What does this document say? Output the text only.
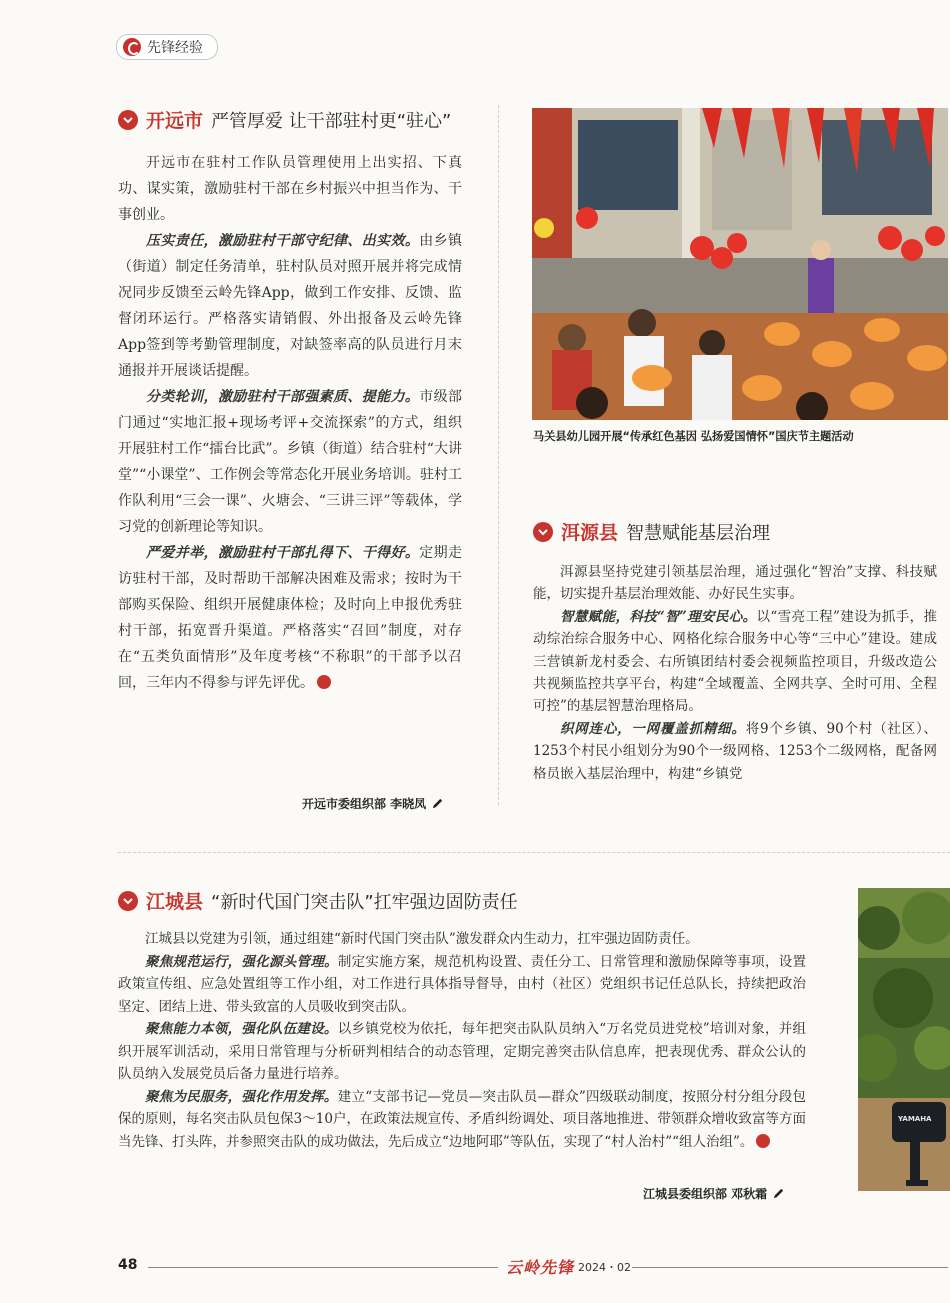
先锋经验
开远市 严管厚爱 让干部驻村更“驻心”

开远市在驻村工作队员管理使用上出实招、下真功、谋实策，激励驻村干部在乡村振兴中担当作为、干事创业。

压实责任，激励驻村干部守纪律、出实效。由乡镇（街道）制定任务清单，驻村队员对照开展并将完成情况同步反馈至云岭先锋App，做到工作安排、反馈、监督闭环运行。严格落实请销假、外出报备及云岭先锋App签到等考勤管理制度，对缺签率高的队员进行月末通报并开展谈话提醒。

分类轮训，激励驻村干部强素质、提能力。市级部门通过“实地汇报+现场考评+交流探索”的方式，组织开展驻村工作“擂台比武”。乡镇（街道）结合驻村“大讲堂”“小课堂”、工作例会等常态化开展业务培训。驻村工作队利用“三会一课”、火塘会、“三讲三评”等载体，学习党的创新理论等知识。

严爱并举，激励驻村干部扎得下、干得好。定期走访驻村干部，及时帮助干部解决困难及需求；按时为干部购买保险、组织开展健康体检；及时向上申报优秀驻村干部，拓宽晋升渠道。严格落实“召回”制度，对存在“五类负面情形”及年度考核“不称职”的干部予以召回，三年内不得参与评先评优。

开远市委组织部 李晓凤
马关县幼儿园开展“传承红色基因 弘扬爱国情怀”国庆节主题活动
洱源县 智慧赋能基层治理

洱源县坚持党建引领基层治理，通过强化“智治”支撑、科技赋能，切实提升基层治理效能、办好民生实事。

智慧赋能，科技“智”理安民心。以“雪亮工程”建设为抓手，推动综治综合服务中心、网格化综合服务中心等“三中心”建设。建成三营镇新龙村委会、右所镇团结村委会视频监控项目，升级改造公共视频监控共享平台，构建“全域覆盖、全网共享、全时可用、全程可控”的基层智慧治理格局。

织网连心，一网覆盖抓精细。将9个乡镇、90个村（社区）、1253个村民小组划分为90个一级网格、1253个二级网格，配备网格员嵌入基层治理中，构建“乡镇党

江城县 “新时代国门突击队”扛牢强边固防责任

江城县以党建为引领，通过组建“新时代国门突击队”激发群众内生动力，扛牢强边固防责任。

聚焦规范运行，强化源头管理。制定实施方案，规范机构设置、责任分工、日常管理和激励保障等事项，设置政策宣传组、应急处置组等工作小组，对工作进行具体指导督导，由村（社区）党组织书记任总队长，持续把政治坚定、团结上进、带头致富的人员吸收到突击队。

聚焦能力本领，强化队伍建设。以乡镇党校为依托，每年把突击队队员纳入“万名党员进党校”培训对象，并组织开展军训活动，采用日常管理与分析研判相结合的动态管理，定期完善突击队信息库，把表现优秀、群众公认的队员纳入发展党员后备力量进行培养。

聚焦为民服务，强化作用发挥。建立“支部书记—党员—突击队员—群众”四级联动制度，按照分村分组分段包保的原则，每名突击队员包保3～10户，在政策法规宣传、矛盾纠纷调处、项目落地推进、带领群众增收致富等方面当先锋、打头阵，并参照突击队的成功做法，先后成立“边地阿耶”等队伍，实现了“村人治村”“组人治组”。

江城县委组织部 邓秋霜
YAMAHA
48	云岭先锋 2024・02
